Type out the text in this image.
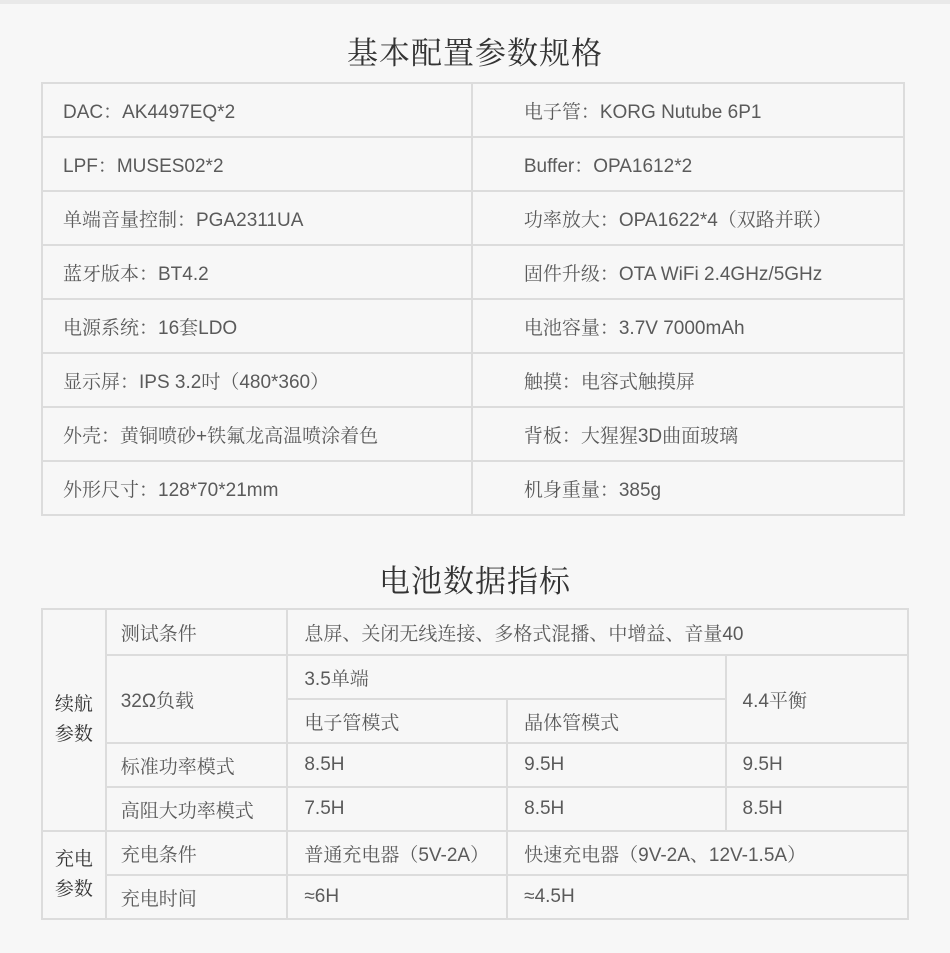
基本配置参数规格
DAC：AK4497EQ*2	电子管：KORG Nutube 6P1
LPF：MUSES02*2	Buffer：OPA1612*2
单端音量控制：PGA2311UA	功率放大：OPA1622*4（双路并联）
蓝牙版本：BT4.2	固件升级：OTA WiFi 2.4GHz/5GHz
电源系统：16套LDO	电池容量：3.7V 7000mAh
显示屏：IPS 3.2吋（480*360）	触摸：电容式触摸屏
外壳：黄铜喷砂+铁氟龙高温喷涂着色	背板：大猩猩3D曲面玻璃
外形尺寸：128*70*21mm	机身重量：385g
电池数据指标
续航
参数	测试条件	息屏、关闭无线连接、多格式混播、中增益、音量40		
	32Ω负载	3.5单端		4.4平衡
		电子管模式	晶体管模式	
	标准功率模式	8.5H	9.5H	9.5H
	高阻大功率模式	7.5H	8.5H	8.5H
充电
参数	充电条件	普通充电器（5V-2A）	快速充电器（9V-2A、12V-1.5A）	
	充电时间	≈6H	≈4.5H	
